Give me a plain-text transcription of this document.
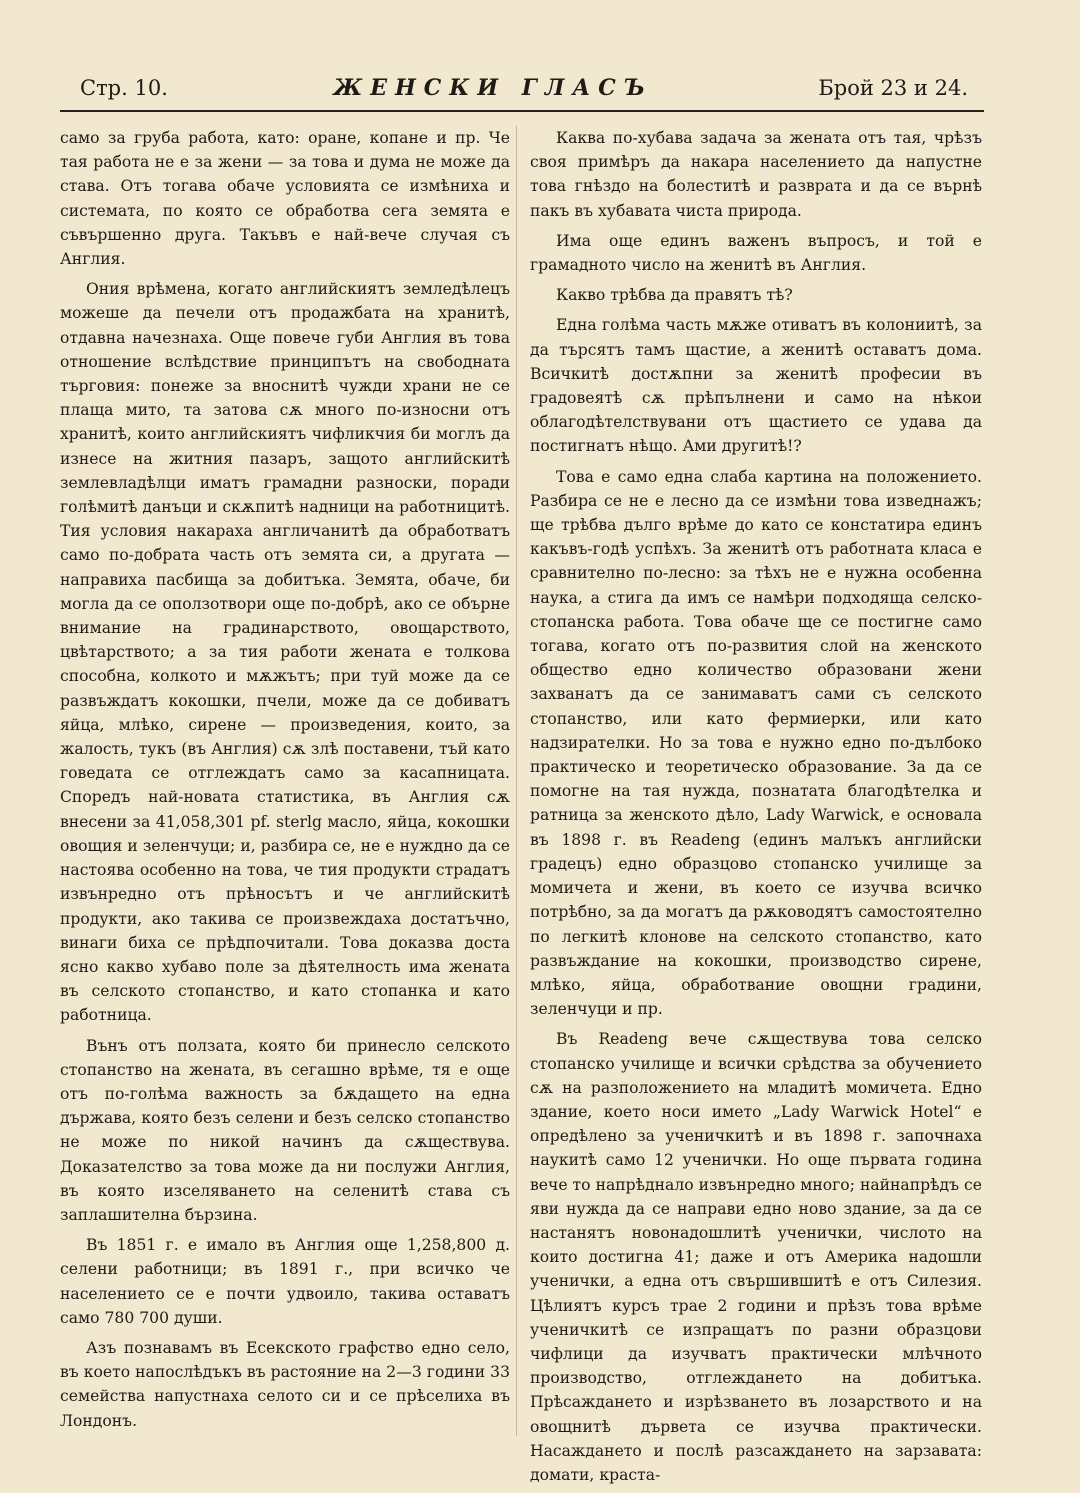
Стр. 10.	ЖЕНСКИ ГЛАСЪ	Брой 23 и 24.

само за груба работа, като: оране, копане и пр. Че тая работа не е за жени — за това и дума не може да става. Отъ тогава обаче условията се измѣниха и системата, по която се обработва сега земята е съвършенно друга. Такъвъ е най-вече случая съ Англия.

Ония врѣмена, когато английскиятъ земледѣлецъ можеше да печели отъ продажбата на хранитѣ, отдавна начезнаха. Още повече губи Англия въ това отношение вслѣдствие принципътъ на свободната търговия: понеже за вноснитѣ чужди храни не се плаща мито, та затова сѫ много по-износни отъ хранитѣ, които английскиятъ чифликчия би моглъ да изнесе на житния пазаръ, защото английскитѣ землевладѣлци иматъ грамадни разноски, поради голѣмитѣ данъци и скѫпитѣ надници на работницитѣ. Тия условия накараха англичанитѣ да обработватъ само по-добрата часть отъ земята си, а другата — направиха пасбища за добитъка. Земята, обаче, би могла да се оползотвори още по-добрѣ, ако се обърне внимание на градинарството, овощарството, цвѣтарството; а за тия работи жената е толкова способна, колкото и мѫжътъ; при туй може да се развъждатъ кокошки, пчели, може да се добиватъ яйца, млѣко, сирене — произведения, които, за жалость, тукъ (въ Англия) сѫ злѣ поставени, тъй като говедата се отглеждатъ само за касапницата. Споредъ най-новата статистика, въ Англия сѫ внесени за 41,058,301 pf. sterlg масло, яйца, кокошки овощия и зеленчуци; и, разбира се, не е нуждно да се настоява особенно на това, че тия продукти страдатъ извънредно отъ прѣносътъ и че английскитѣ продукти, ако такива се произвеждаха достатъчно, винаги биха се прѣдпочитали. Това доказва доста ясно какво хубаво поле за дѣятелность има жената въ селското стопанство, и като стопанка и като работница.

Вънъ отъ ползата, която би принесло селското стопанство на жената, въ сегашно врѣме, тя е още отъ по-голѣма важность за бѫдащето на една държава, която безъ селени и безъ селско стопанство не може по никой начинъ да сѫществува. Доказателство за това може да ни послужи Англия, въ която изселяването на селенитѣ става съ заплашителна бързина.

Въ 1851 г. е имало въ Англия още 1,258,800 д. селени работници; въ 1891 г., при всичко че населението се е почти удвоило, такива оставатъ само 780 700 души.

Азъ познавамъ въ Есекското графство едно село, въ което напослѣдъкъ въ растояние на 2—3 години 33 семейства напустнаха селото си и се прѣселиха въ Лондонъ.

Каква по-хубава задача за жената отъ тая, чрѣзъ своя примѣръ да накара населението да напустне това гнѣздо на болеститѣ и разврата и да се върнѣ пакъ въ хубавата чиста природа.

Има още единъ важенъ въпросъ, и той е грамадното число на женитѣ въ Англия.

Какво трѣбва да правятъ тѣ?

Една голѣма часть мѫже отиватъ въ колониитѣ, за да търсятъ тамъ щастие, а женитѣ оставатъ дома. Всичкитѣ достѫпни за женитѣ професии въ градовеятѣ сѫ прѣпълнени и само на нѣкои облагодѣтелствувани отъ щастието се удава да постигнатъ нѣщо. Ами другитѣ!?

Това е само една слаба картина на положението. Разбира се не е лесно да се измѣни това изведнажъ; ще трѣбва дълго врѣме до като се констатира единъ какъвъ-годѣ успѣхъ. За женитѣ отъ работната класа е сравнително по-лесно: за тѣхъ не е нужна особенна наука, а стига да имъ се намѣри подходяща селско-стопанска работа. Това обаче ще се постигне само тогава, когато отъ по-развития слой на женското общество едно количество образовани жени захванатъ да се занимаватъ сами съ селското стопанство, или като фермиерки, или като надзирателки. Но за това е нужно едно по-дълбоко практическо и теоретическо образование. За да се помогне на тая нужда, познатата благодѣтелка и ратница за женското дѣло, Lady Warwick, е основала въ 1898 г. въ Readeng (единъ малъкъ английски градецъ) едно образцово стопанско училище за момичета и жени, въ което се изучва всичко потрѣбно, за да могатъ да рѫководятъ самостоятелно по легкитѣ клонове на селското стопанство, като развъждание на кокошки, производство сирене, млѣко, яйца, обработвание овощни градини, зеленчуци и пр.

Въ Readeng вече сѫществува това селско стопанско училище и всички срѣдства за обучението сѫ на разположението на младитѣ момичета. Едно здание, което носи името „Lady Warwick Hotel“ е опредѣлено за ученичкитѣ и въ 1898 г. започнаха наукитѣ само 12 ученички. Но още първата година вече то напрѣднало извънредно много; найнапрѣдъ се яви нужда да се направи едно ново здание, за да се настанятъ новонадошлитѣ ученички, числото на които достигна 41; даже и отъ Америка надошли ученички, а една отъ свършившитѣ е отъ Силезия. Цѣлиятъ курсъ трае 2 години и прѣзъ това врѣме ученичкитѣ се изпращатъ по разни образцови чифлици да изучватъ практически млѣчното производство, отглеждането на добитъка. Прѣсаждането и изрѣзването въ лозарството и на овощнитѣ дървета се изучва практически. Насаждането и послѣ разсаждането на зарзавата: домати, краста-
